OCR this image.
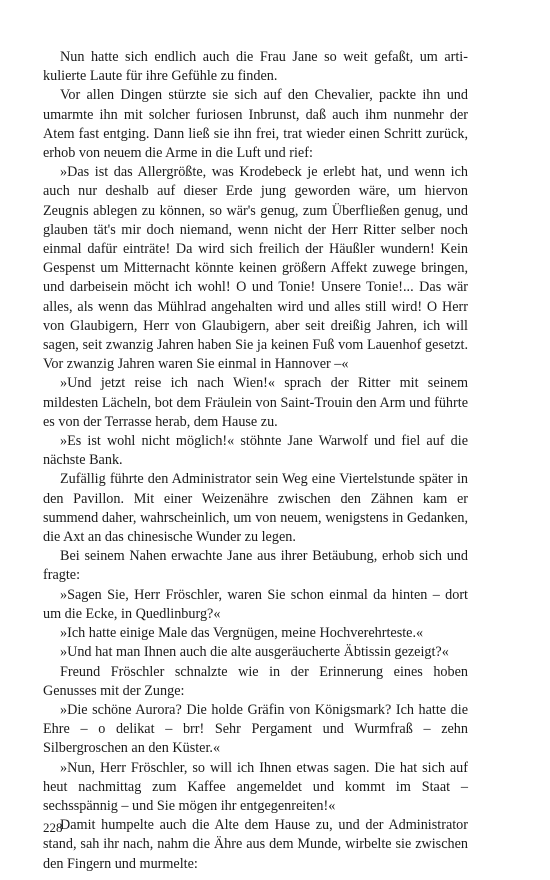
Nun hatte sich endlich auch die Frau Jane so weit gefaßt, um artikulierte Laute für ihre Gefühle zu finden.

Vor allen Dingen stürzte sie sich auf den Chevalier, packte ihn und umarmte ihn mit solcher furiosen Inbrunst, daß auch ihm nunmehr der Atem fast entging. Dann ließ sie ihn frei, trat wieder einen Schritt zurück, erhob von neuem die Arme in die Luft und rief:

»Das ist das Allergrößte, was Krodebeck je erlebt hat, und wenn ich auch nur deshalb auf dieser Erde jung geworden wäre, um hiervon Zeugnis ablegen zu können, so wär's genug, zum Überfließen genug, und glauben tät's mir doch niemand, wenn nicht der Herr Ritter selber noch einmal dafür einträte! Da wird sich freilich der Häußler wundern! Kein Gespenst um Mitternacht könnte keinen größern Affekt zuwege bringen, und darbeisein möcht ich wohl! O und Tonie! Unsere Tonie!... Das wär alles, als wenn das Mühlrad angehalten wird und alles still wird! O Herr von Glaubigern, Herr von Glaubigern, aber seit dreißig Jahren, ich will sagen, seit zwanzig Jahren haben Sie ja keinen Fuß vom Lauenhof gesetzt. Vor zwanzig Jahren waren Sie einmal in Hannover –«

»Und jetzt reise ich nach Wien!« sprach der Ritter mit seinem mildesten Lächeln, bot dem Fräulein von Saint-Trouin den Arm und führte es von der Terrasse herab, dem Hause zu.

»Es ist wohl nicht möglich!« stöhnte Jane Warwolf und fiel auf die nächste Bank.

Zufällig führte den Administrator sein Weg eine Viertelstunde später in den Pavillon. Mit einer Weizenähre zwischen den Zähnen kam er summend daher, wahrscheinlich, um von neuem, wenigstens in Gedanken, die Axt an das chinesische Wunder zu legen.

Bei seinem Nahen erwachte Jane aus ihrer Betäubung, erhob sich und fragte:

»Sagen Sie, Herr Fröschler, waren Sie schon einmal da hinten – dort um die Ecke, in Quedlinburg?«

»Ich hatte einige Male das Vergnügen, meine Hochverehrteste.«

»Und hat man Ihnen auch die alte ausgeräucherte Äbtissin gezeigt?«

Freund Fröschler schnalzte wie in der Erinnerung eines hoben Genusses mit der Zunge:

»Die schöne Aurora? Die holde Gräfin von Königsmark? Ich hatte die Ehre – o delikat – brr! Sehr Pergament und Wurmfraß – zehn Silbergroschen an den Küster.«

»Nun, Herr Fröschler, so will ich Ihnen etwas sagen. Die hat sich auf heut nachmittag zum Kaffee angemeldet und kommt im Staat – sechsspännig – und Sie mögen ihr entgegenreiten!«

Damit humpelte auch die Alte dem Hause zu, und der Administrator stand, sah ihr nach, nahm die Ähre aus dem Munde, wirbelte sie zwischen den Fingern und murmelte:

228
